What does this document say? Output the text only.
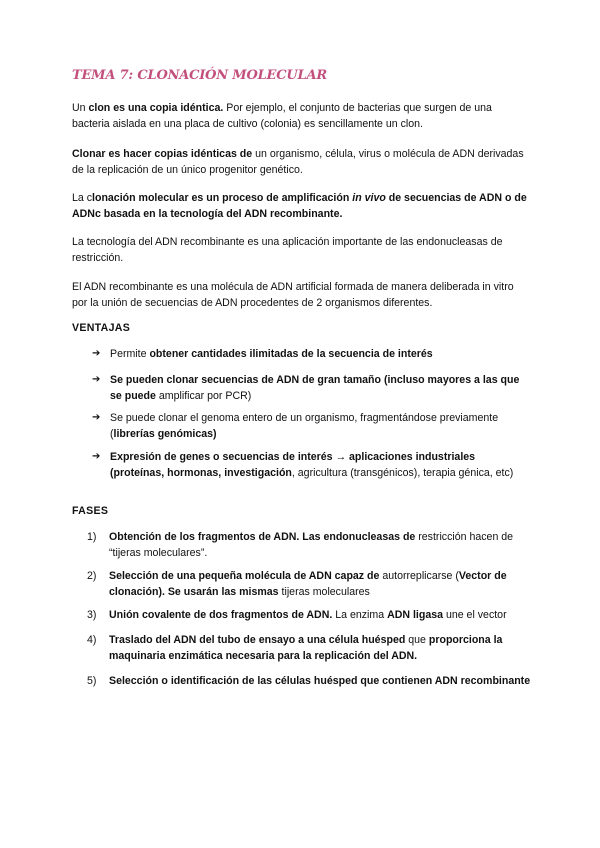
TEMA 7: CLONACIÓN MOLECULAR

Un clon es una copia idéntica. Por ejemplo, el conjunto de bacterias que surgen de una bacteria aislada en una placa de cultivo (colonia) es sencillamente un clon.

Clonar es hacer copias idénticas de un organismo, célula, virus o molécula de ADN derivadas de la replicación de un único progenitor genético.

La clonación molecular es un proceso de amplificación in vivo de secuencias de ADN o de ADNc basada en la tecnología del ADN recombinante.

La tecnología del ADN recombinante es una aplicación importante de las endonucleasas de restricción.

El ADN recombinante es una molécula de ADN artificial formada de manera deliberada in vitro por la unión de secuencias de ADN procedentes de 2 organismos diferentes.

VENTAJAS
➔ Permite obtener cantidades ilimitadas de la secuencia de interés
➔ Se pueden clonar secuencias de ADN de gran tamaño (incluso mayores a las que se puede amplificar por PCR)
➔ Se puede clonar el genoma entero de un organismo, fragmentándose previamente (librerías genómicas)
➔ Expresión de genes o secuencias de interés → aplicaciones industriales (proteínas, hormonas, investigación, agricultura (transgénicos), terapia génica, etc)
FASES
1)	Obtención de los fragmentos de ADN. Las endonucleasas de restricción hacen de “tijeras moleculares”.
2)	Selección de una pequeña molécula de ADN capaz de autorreplicarse (Vector de clonación). Se usarán las mismas tijeras moleculares
3)	Unión covalente de dos fragmentos de ADN. La enzima ADN ligasa une el vector
4)	Traslado del ADN del tubo de ensayo a una célula huésped que proporciona la maquinaria enzimática necesaria para la replicación del ADN.
5)	Selección o identificación de las células huésped que contienen ADN recombinante
